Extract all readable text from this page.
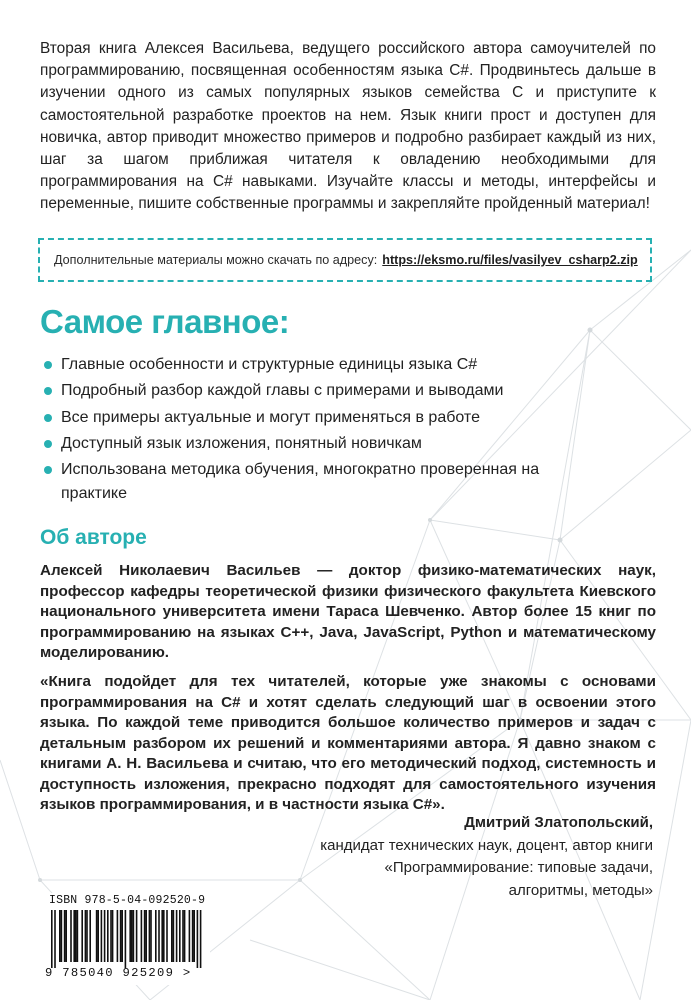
Вторая книга Алексея Васильева, ведущего российского автора самоучителей по программированию, посвященная особенностям языка C#. Продвиньтесь дальше в изучении одного из самых популярных языков семейства С и приступите к самостоятельной разработке проектов на нем. Язык книги прост и доступен для новичка, автор приводит множество примеров и подробно разбирает каждый из них, шаг за шагом приближая читателя к овладению необходимыми для программирования на C# навыками. Изучайте классы и методы, интерфейсы и переменные, пишите собственные программы и закрепляйте пройденный материал!

Дополнительные материалы можно скачать по адресу: https://eksmo.ru/files/vasilyev_csharp2.zip
Самое главное:
Главные особенности и структурные единицы языка C#
Подробный разбор каждой главы с примерами и выводами
Все примеры актуальные и могут применяться в работе
Доступный язык изложения, понятный новичкам
Использована методика обучения, многократно проверенная на практике
Об авторе

Алексей Николаевич Васильев — доктор физико-математических наук, профессор кафедры теоретической физики физического факультета Киевского национального университета имени Тараса Шевченко. Автор более 15 книг по программированию на языках С++, Java, JavaScript, Python и математическому моделированию.

«Книга подойдет для тех читателей, которые уже знакомы с основами программирования на C# и хотят сделать следующий шаг в освоении этого языка. По каждой теме приводится большое количество примеров и задач с детальным разбором их решений и комментариями автора. Я давно знаком с книгами А. Н. Васильева и считаю, что его методический подход, системность и доступность изложения, прекрасно подходят для самостоятельного изучения языков программирования, и в частности языка C#».

Дмитрий Златопольский,
кандидат технических наук, доцент, автор книги
«Программирование: типовые задачи,
алгоритмы, методы»
ISBN 978-5-04-092520-9
9 785040 925209 >
